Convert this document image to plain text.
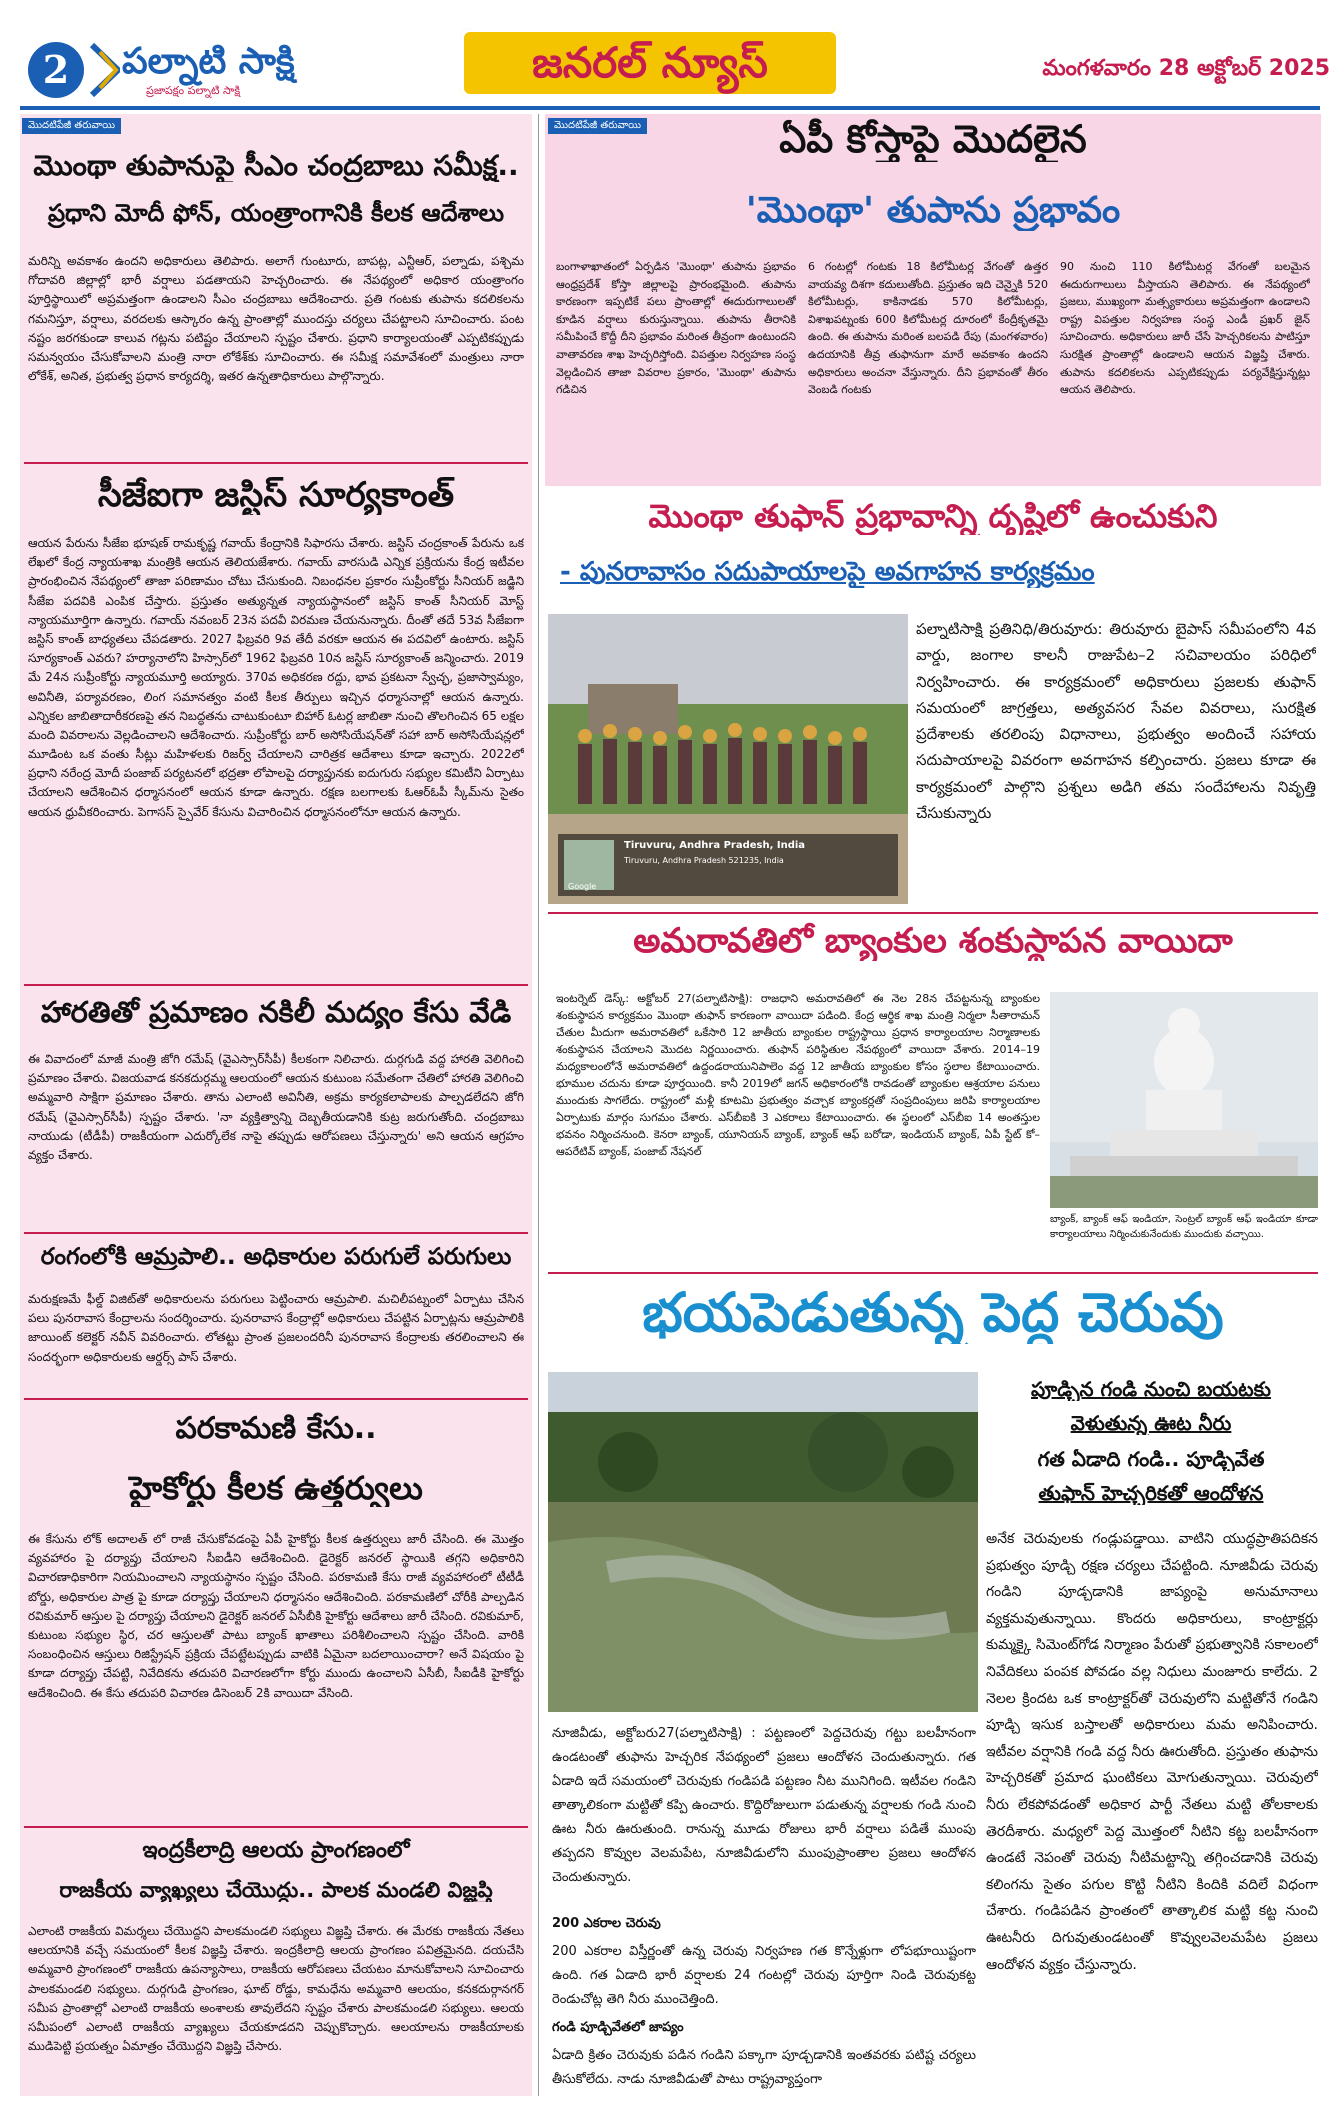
2	పల్నాటి సాక్షి
ప్రజాపక్షం పల్నాటి సాక్షి
జనరల్ న్యూస్	మంగళవారం 28 అక్టోబర్ 2025
మొదటిపేజీ తరువాయి
మొంథా తుపానుపై సీఎం చంద్రబాబు సమీక్ష..
ప్రధాని మోదీ ఫోన్, యంత్రాంగానికి కీలక ఆదేశాలు
మరిన్ని అవకాశం ఉందని అధికారులు తెలిపారు. అలాగే గుంటూరు, బాపట్ల, ఎన్టీఆర్, పల్నాడు, పశ్చిమ గోదావరి జిల్లాల్లో భారీ వర్షాలు పడతాయని హెచ్చరించారు. ఈ నేపథ్యంలో అధికార యంత్రాంగం పూర్తిస్థాయిలో అప్రమత్తంగా ఉండాలని సీఎం చంద్రబాబు ఆదేశించారు. ప్రతి గంటకు తుపాను కదలికలను గమనిస్తూ, వర్షాలు, వరదలకు ఆస్కారం ఉన్న ప్రాంతాల్లో ముందస్తు చర్యలు చేపట్టాలని సూచించారు. పంట నష్టం జరగకుండా కాలువ గట్లను పటిష్టం చేయాలని స్పష్టం చేశారు. ప్రధాని కార్యాలయంతో ఎప్పటికప్పుడు సమన్వయం చేసుకోవాలని మంత్రి నారా లోకేశ్‌కు సూచించారు. ఈ సమీక్ష సమావేశంలో మంత్రులు నారా లోకేశ్, అనిత, ప్రభుత్వ ప్రధాన కార్యదర్శి, ఇతర ఉన్నతాధికారులు పాల్గొన్నారు.
సీజేఐగా జస్టిస్ సూర్యకాంత్
ఆయన పేరును సీజేఐ భూషణ్ రామకృష్ణ గవాయ్ కేంద్రానికి సిఫారసు చేశారు. జస్టిస్ చంద్రకాంత్ పేరును ఒక లేఖలో కేంద్ర న్యాయశాఖ మంత్రికి ఆయన తెలియజేశారు. గవాయ్ వారసుడి ఎన్నిక ప్రక్రియను కేంద్ర ఇటీవల ప్రారంభించిన నేపథ్యంలో తాజా పరిణామం చోటు చేసుకుంది. నిబంధనల ప్రకారం సుప్రీంకోర్టు సీనియర్ జడ్జిని సీజేఐ పదవికి ఎంపిక చేస్తారు. ప్రస్తుతం అత్యున్నత న్యాయస్థానంలో జస్టిస్ కాంత్ సీనియర్ మోస్ట్ న్యాయమూర్తిగా ఉన్నారు. గవాయ్ నవంబర్ 23న పదవీ విరమణ చేయనున్నారు. దీంతో తదే 53వ సీజేఐగా జస్టిస్ కాంత్ బాధ్యతలు చేపడతారు. 2027 ఫిబ్రవరి 9వ తేదీ వరకూ ఆయన ఈ పదవిలో ఉంటారు. జస్టిస్ సూర్యకాంత్ ఎవరు? హర్యానాలోని హిస్సార్‌లో 1962 ఫిబ్రవరి 10న జస్టిస్ సూర్యకాంత్ జన్మించారు. 2019 మే 24న సుప్రీంకోర్టు న్యాయమూర్తి అయ్యారు. 370వ అధికరణ రద్దు, భావ ప్రకటనా స్వేచ్ఛ, ప్రజాస్వామ్యం, అవినీతి, పర్యావరణం, లింగ సమానత్వం వంటి కీలక తీర్పులు ఇచ్చిన ధర్మాసనాల్లో ఆయన ఉన్నారు. ఎన్నికల జాబితాదారీకరణపై తన నిబద్ధతను చాటుకుంటూ బిహార్ ఓటర్ల జాబితా నుంచి తొలగించిన 65 లక్షల మంది వివరాలను వెల్లడించాలని ఆదేశించారు. సుప్రీంకోర్టు బార్ అసోసియేషన్‌తో సహా బార్ అసోసియేషన్లలో మూడింట ఒక వంతు సీట్లు మహిళలకు రిజర్వ్ చేయాలని చారిత్రక ఆదేశాలు కూడా ఇచ్చారు. 2022లో ప్రధాని నరేంద్ర మోదీ పంజాబ్ పర్యటనలో భద్రతా లోపాలపై దర్యాప్తునకు ఐదుగురు సభ్యుల కమిటీని ఏర్పాటు చేయాలని ఆదేశించిన ధర్మాసనంలో ఆయన కూడా ఉన్నారు. రక్షణ బలగాలకు ఓఆర్ఓపీ స్కీమ్‌ను సైతం ఆయన ధ్రువీకరించారు. పెగాసస్ స్పైవేర్ కేసును విచారించిన ధర్మాసనంలోనూ ఆయన ఉన్నారు.
హారతితో ప్రమాణం నకిలీ మద్యం కేసు వేడి
ఈ వివాదంలో మాజీ మంత్రి జోగి రమేష్ (వైఎస్సార్‌సీపీ) కీలకంగా నిలిచారు. దుర్గగుడి వద్ద హారతి వెలిగించి ప్రమాణం చేశారు. విజయవాడ కనకదుర్గమ్మ ఆలయంలో ఆయన కుటుంబ సమేతంగా చేతిలో హారతి వెలిగించి అమ్మవారి సాక్షిగా ప్రమాణం చేశారు. తాను ఎలాంటి అవినీతి, అక్రమ కార్యకలాపాలకు పాల్పడలేదని జోగి రమేష్ (వైఎస్సార్‌సీపీ) స్పష్టం చేశారు. 'నా వ్యక్తిత్వాన్ని దెబ్బతీయడానికి కుట్ర జరుగుతోంది. చంద్రబాబు నాయుడు (టీడీపీ) రాజకీయంగా ఎదుర్కోలేక నాపై తప్పుడు ఆరోపణలు చేస్తున్నారు' అని ఆయన ఆగ్రహం వ్యక్తం చేశారు.
రంగంలోకి ఆమ్రపాలి.. అధికారుల పరుగులే పరుగులు
మరుక్షణమే ఫీల్డ్ విజిట్‌తో అధికారులను పరుగులు పెట్టించారు ఆమ్రపాలి. మచిలీపట్నంలో ఏర్పాటు చేసిన పలు పునరావాస కేంద్రాలను సందర్శించారు. పునరావాస కేంద్రాల్లో అధికారులు చేపట్టిన ఏర్పాట్లను ఆమ్రపాలికి జాయింట్ కలెక్టర్ నవీన్ వివరించారు. లోతట్టు ప్రాంత ప్రజలందరినీ పునరావాస కేంద్రాలకు తరలించాలని ఈ సందర్భంగా అధికారులకు ఆర్డర్స్ పాస్ చేశారు.
పరకామణి కేసు..
హైకోర్టు కీలక ఉత్తర్వులు
ఈ కేసును లోక్ అదాలత్ లో రాజీ చేసుకోవడంపై ఏపీ హైకోర్టు కీలక ఉత్తర్వులు జారీ చేసింది. ఈ మొత్తం వ్యవహారం పై దర్యాప్తు చేయాలని సీఐడీని ఆదేశించింది. డైరెక్టర్ జనరల్ స్థాయికి తగ్గని అధికారిని విచారణాధికారిగా నియమించాలని న్యాయస్థానం స్పష్టం చేసింది. పరకామణి కేసు రాజీ వ్యవహారంలో టీటీడీ బోర్డు, అధికారుల పాత్ర పై కూడా దర్యాప్తు చేయాలని ధర్మాసనం ఆదేశించింది. పరకామణిలో చోరీకి పాల్పడిన రవికుమార్ ఆస్తుల పై దర్యాప్తు చేయాలని డైరెక్టర్ జనరల్ ఏసీబీకి హైకోర్టు ఆదేశాలు జారీ చేసింది. రవికుమార్, కుటుంబ సభ్యుల స్థిర, చర ఆస్తులతో పాటు బ్యాంక్ ఖాతాలు పరిశీలించాలని స్పష్టం చేసింది. వారికి సంబంధించిన ఆస్తులు రిజిస్ట్రేషన్ ప్రక్రియ చేపట్టేటప్పుడు వాటికి ఏమైనా బదలాయించారా? అనే విషయం పై కూడా దర్యాప్తు చేపట్టి, నివేదికను తదుపరి విచారణలోగా కోర్టు ముందు ఉంచాలని ఏసీబీ, సీఐడీకి హైకోర్టు ఆదేశించింది. ఈ కేసు తదుపరి విచారణ డిసెంబర్ 2కి వాయిదా వేసింది.
ఇంద్రకీలాద్రి ఆలయ ప్రాంగణంలో
రాజకీయ వ్యాఖ్యలు చేయొద్దు.. పాలక మండలి విజ్ఞప్తి
ఎలాంటి రాజకీయ విమర్శలు చేయొద్దని పాలకమండలి సభ్యులు విజ్ఞప్తి చేశారు. ఈ మేరకు రాజకీయ నేతలు ఆలయానికి వచ్చే సమయంలో కీలక విజ్ఞప్తి చేశారు. ఇంద్రకీలాద్రి ఆలయ ప్రాంగణం పవిత్రమైనది. దయచేసి అమ్మవారి ప్రాంగణంలో రాజకీయ ఉపన్యాసాలు, రాజకీయ ఆరోపణలు చేయటం మానుకోవాలని సూచించారు పాలకమండలి సభ్యులు. దుర్గగుడి ప్రాంగణం, ఘాట్ రోడ్డు, కామధేను అమ్మవారి ఆలయం, కనకదుర్గానగర్ సమీప ప్రాంతాల్లో ఎలాంటి రాజకీయ అంశాలకు తావులేదని స్పష్టం చేశారు పాలకమండలి సభ్యులు. ఆలయ సమీపంలో ఎలాంటి రాజకీయ వ్యాఖ్యలు చేయకూడదని చెప్పుకొచ్చారు. ఆలయాలను రాజకీయాలకు ముడిపెట్టి ప్రయత్నం ఏమాత్రం చేయొద్దని విజ్ఞప్తి చేసారు.
మొదటిపేజీ తరువాయి	ఏపీ కోస్తాపై మొదలైన
'మొంథా' తుపాను ప్రభావం
బంగాళాఖాతంలో ఏర్పడిన 'మొంథా' తుపాను ప్రభావం ఆంధ్రప్రదేశ్ కోస్తా జిల్లాలపై ప్రారంభమైంది. తుపాను కారణంగా ఇప్పటికే పలు ప్రాంతాల్లో ఈదురుగాలులతో కూడిన వర్షాలు కురుస్తున్నాయి. తుపాను తీరానికి సమీపించే కొద్దీ దీని ప్రభావం మరింత తీవ్రంగా ఉంటుందని వాతావరణ శాఖ హెచ్చరిస్తోంది. విపత్తుల నిర్వహణ సంస్థ వెల్లడించిన తాజా వివరాల ప్రకారం, 'మొంథా' తుపాను గడిచిన
6 గంటల్లో గంటకు 18 కిలోమీటర్ల వేగంతో ఉత్తర వాయవ్య దిశగా కదులుతోంది. ప్రస్తుతం ఇది చెన్నైకి 520 కిలోమీటర్లు, కాకినాడకు 570 కిలోమీటర్లు, విశాఖపట్నంకు 600 కిలోమీటర్ల దూరంలో కేంద్రీకృతమై ఉంది. ఈ తుపాను మరింత బలపడి రేపు (మంగళవారం) ఉదయానికి తీవ్ర తుఫానుగా మారే అవకాశం ఉందని అధికారులు అంచనా వేస్తున్నారు. దీని ప్రభావంతో తీరం వెంబడి గంటకు
90 నుంచి 110 కిలోమీటర్ల వేగంతో బలమైన ఈదురుగాలులు వీస్తాయని తెలిపారు. ఈ నేపథ్యంలో ప్రజలు, ముఖ్యంగా మత్స్యకారులు అప్రమత్తంగా ఉండాలని రాష్ట్ర విపత్తుల నిర్వహణ సంస్థ ఎండీ ప్రఖర్ జైన్ సూచించారు. అధికారులు జారీ చేసే హెచ్చరికలను పాటిస్తూ సురక్షిత ప్రాంతాల్లో ఉండాలని ఆయన విజ్ఞప్తి చేశారు. తుపాను కదలికలను ఎప్పటికప్పుడు పర్యవేక్షిస్తున్నట్లు ఆయన తెలిపారు.
మొంథా తుఫాన్ ప్రభావాన్ని దృష్టిలో ఉంచుకుని
- పునరావాసం సదుపాయాలపై అవగాహన కార్యక్రమం
Tiruvuru, Andhra Pradesh, India
Tiruvuru, Andhra Pradesh 521235, India
Google
పల్నాటిసాక్షి ప్రతినిధి/తిరువూరు: తిరువూరు బైపాస్ సమీపంలోని 4వ వార్డు, జంగాల కాలనీ రాజుపేట–2 సచివాలయం పరిధిలో నిర్వహించారు. ఈ కార్యక్రమంలో అధికారులు ప్రజలకు తుఫాన్ సమయంలో జాగ్రత్తలు, అత్యవసర సేవల వివరాలు, సురక్షిత ప్రదేశాలకు తరలింపు విధానాలు, ప్రభుత్వం అందించే సహాయ సదుపాయాలపై వివరంగా అవగాహన కల్పించారు. ప్రజలు కూడా ఈ కార్యక్రమంలో పాల్గొని ప్రశ్నలు అడిగి తమ సందేహాలను నివృత్తి చేసుకున్నారు
అమరావతిలో బ్యాంకుల శంకుస్థాపన వాయిదా
ఇంటర్నెట్ డెస్క్: అక్టోబర్ 27(పల్నాటిసాక్షి): రాజధాని అమరావతిలో ఈ నెల 28న చేపట్టనున్న బ్యాంకుల శంకుస్థాపన కార్యక్రమం మొంథా తుఫాన్ కారణంగా వాయిదా పడింది. కేంద్ర ఆర్థిక శాఖ మంత్రి నిర్మలా సీతారామన్ చేతుల మీదుగా అమరావతిలో ఒకేసారి 12 జాతీయ బ్యాంకుల రాష్ట్రస్థాయి ప్రధాన కార్యాలయాల నిర్మాణాలకు శంకుస్థాపన చేయాలని మొదట నిర్ణయించారు. తుఫాన్ పరిస్థితుల నేపథ్యంలో వాయిదా వేశారు. 2014–19 మధ్యకాలంలోనే అమరావతిలో ఉద్దండరాయునిపాలెం వద్ద 12 జాతీయ బ్యాంకుల కోసం స్థలాల కేటాయించారు. భూముల చదును కూడా పూర్తయింది. కానీ 2019లో జగన్ అధికారంలోకి రావడంతో బ్యాంకుల ఆశ్రయాల పనులు ముందుకు సాగలేదు. రాష్ట్రంలో మళ్లీ కూటమి ప్రభుత్వం వచ్చాక బ్యాంకర్లతో సంప్రదింపులు జరిపి కార్యాలయాల ఏర్పాటుకు మార్గం సుగమం చేశారు. ఎస్‌బీఐకి 3 ఎకరాలు కేటాయించారు. ఈ స్థలంలో ఎస్‌బీఐ 14 అంతస్తుల భవనం నిర్మించనుంది. కెనరా బ్యాంక్, యూనియన్ బ్యాంక్, బ్యాంక్ ఆఫ్ బరోడా, ఇండియన్ బ్యాంక్, ఏపీ స్టేట్ కో–ఆపరేటివ్ బ్యాంక్, పంజాబ్ నేషనల్
బ్యాంక్, బ్యాంక్ ఆఫ్ ఇండియా, సెంట్రల్ బ్యాంక్ ఆఫ్ ఇండియా కూడా కార్యాలయాలు నిర్మించుకునేందుకు ముందుకు వచ్చాయి.
భయపెడుతున్న పెద్ద చెరువు
పూడ్చిన గండి నుంచి బయటకు
వెళుతున్న ఊట నీరు
గత ఏడాది గండి.. పూడ్చివేత
తుఫాన్ హెచ్చరికతో ఆందోళన
అనేక చెరువులకు గండ్లుపడ్డాయి. వాటిని యుద్ధప్రాతిపదికన ప్రభుత్వం పూడ్చి రక్షణ చర్యలు చేపట్టింది. నూజివీడు చెరువు గండిని పూడ్చడానికి జాప్యంపై అనుమానాలు వ్యక్తమవుతున్నాయి. కొందరు అధికారులు, కాంట్రాక్టర్లు కుమ్మక్కై సిమెంట్‌గోడ నిర్మాణం పేరుతో ప్రభుత్వానికి సకాలంలో నివేదికలు పంపక పోవడం వల్ల నిధులు మంజూరు కాలేదు. 2 నెలల క్రిందట ఒక కాంట్రాక్టర్‌తో చెరువులోని మట్టితోనే గండిని పూడ్చి ఇసుక బస్తాలతో అధికారులు మమ అనిపించారు. ఇటీవల వర్షానికి గండి వద్ద నీరు ఊరుతోంది. ప్రస్తుతం తుఫాను హెచ్చరికతో ప్రమాద ఘంటికలు మోగుతున్నాయి. చెరువులో నీరు లేకపోవడంతో అధికార పార్టీ నేతలు మట్టి తోలకాలకు తెరదీశారు. మధ్యలో పెద్ద మొత్తంలో నీటిని కట్ట బలహీనంగా ఉండటే నెపంతో చెరువు నీటిమట్టాన్ని తగ్గించడానికి చెరువు కలింగను సైతం పగుల కొట్టి నీటిని కిందికి వదిలే విధంగా చేశారు. గండిపడిన ప్రాంతంలో తాత్కాలిక మట్టి కట్ట నుంచి ఊటనీరు దిగువుతుండటంతో కొవ్వులవెలమపేట ప్రజలు ఆందోళన వ్యక్తం చేస్తున్నారు.
నూజివీడు, అక్టోబరు27(పల్నాటిసాక్షి) : పట్టణంలో పెద్దచెరువు గట్టు బలహీనంగా ఉండటంతో తుఫాను హెచ్చరిక నేపథ్యంలో ప్రజలు ఆందోళన చెందుతున్నారు. గత ఏడాది ఇదే సమయంలో చెరువుకు గండిపడి పట్టణం నీట మునిగింది. ఇటీవల గండిని తాత్కాలికంగా మట్టితో కప్పి ఉంచారు. కొద్దిరోజులుగా పడుతున్న వర్షాలకు గండి నుంచి ఊట నీరు ఊరుతుంది. రానున్న మూడు రోజులు భారీ వర్షాలు పడితే ముంపు తప్పదని కొవ్వుల వెలమపేట, నూజివీడులోని ముంపుప్రాంతాల ప్రజలు ఆందోళన చెందుతున్నారు.
200 ఎకరాల చెరువు
200 ఎకరాల విస్తీర్ణంతో ఉన్న చెరువు నిర్వహణ గత కొన్నేళ్లుగా లోపభూయిష్టంగా ఉంది. గత ఏడాది భారీ వర్షాలకు 24 గంటల్లో చెరువు పూర్తిగా నిండి చెరువుకట్ట రెండుచోట్ల తెగి నీరు ముంచెత్తింది.
గండి పూడ్చివేతలో జాప్యం
ఏడాది క్రితం చెరువుకు పడిన గండిని పక్కాగా పూడ్చడానికి ఇంతవరకు పటిష్ట చర్యలు తీసుకోలేదు. నాడు నూజివీడుతో పాటు రాష్ట్రవ్యాప్తంగా
